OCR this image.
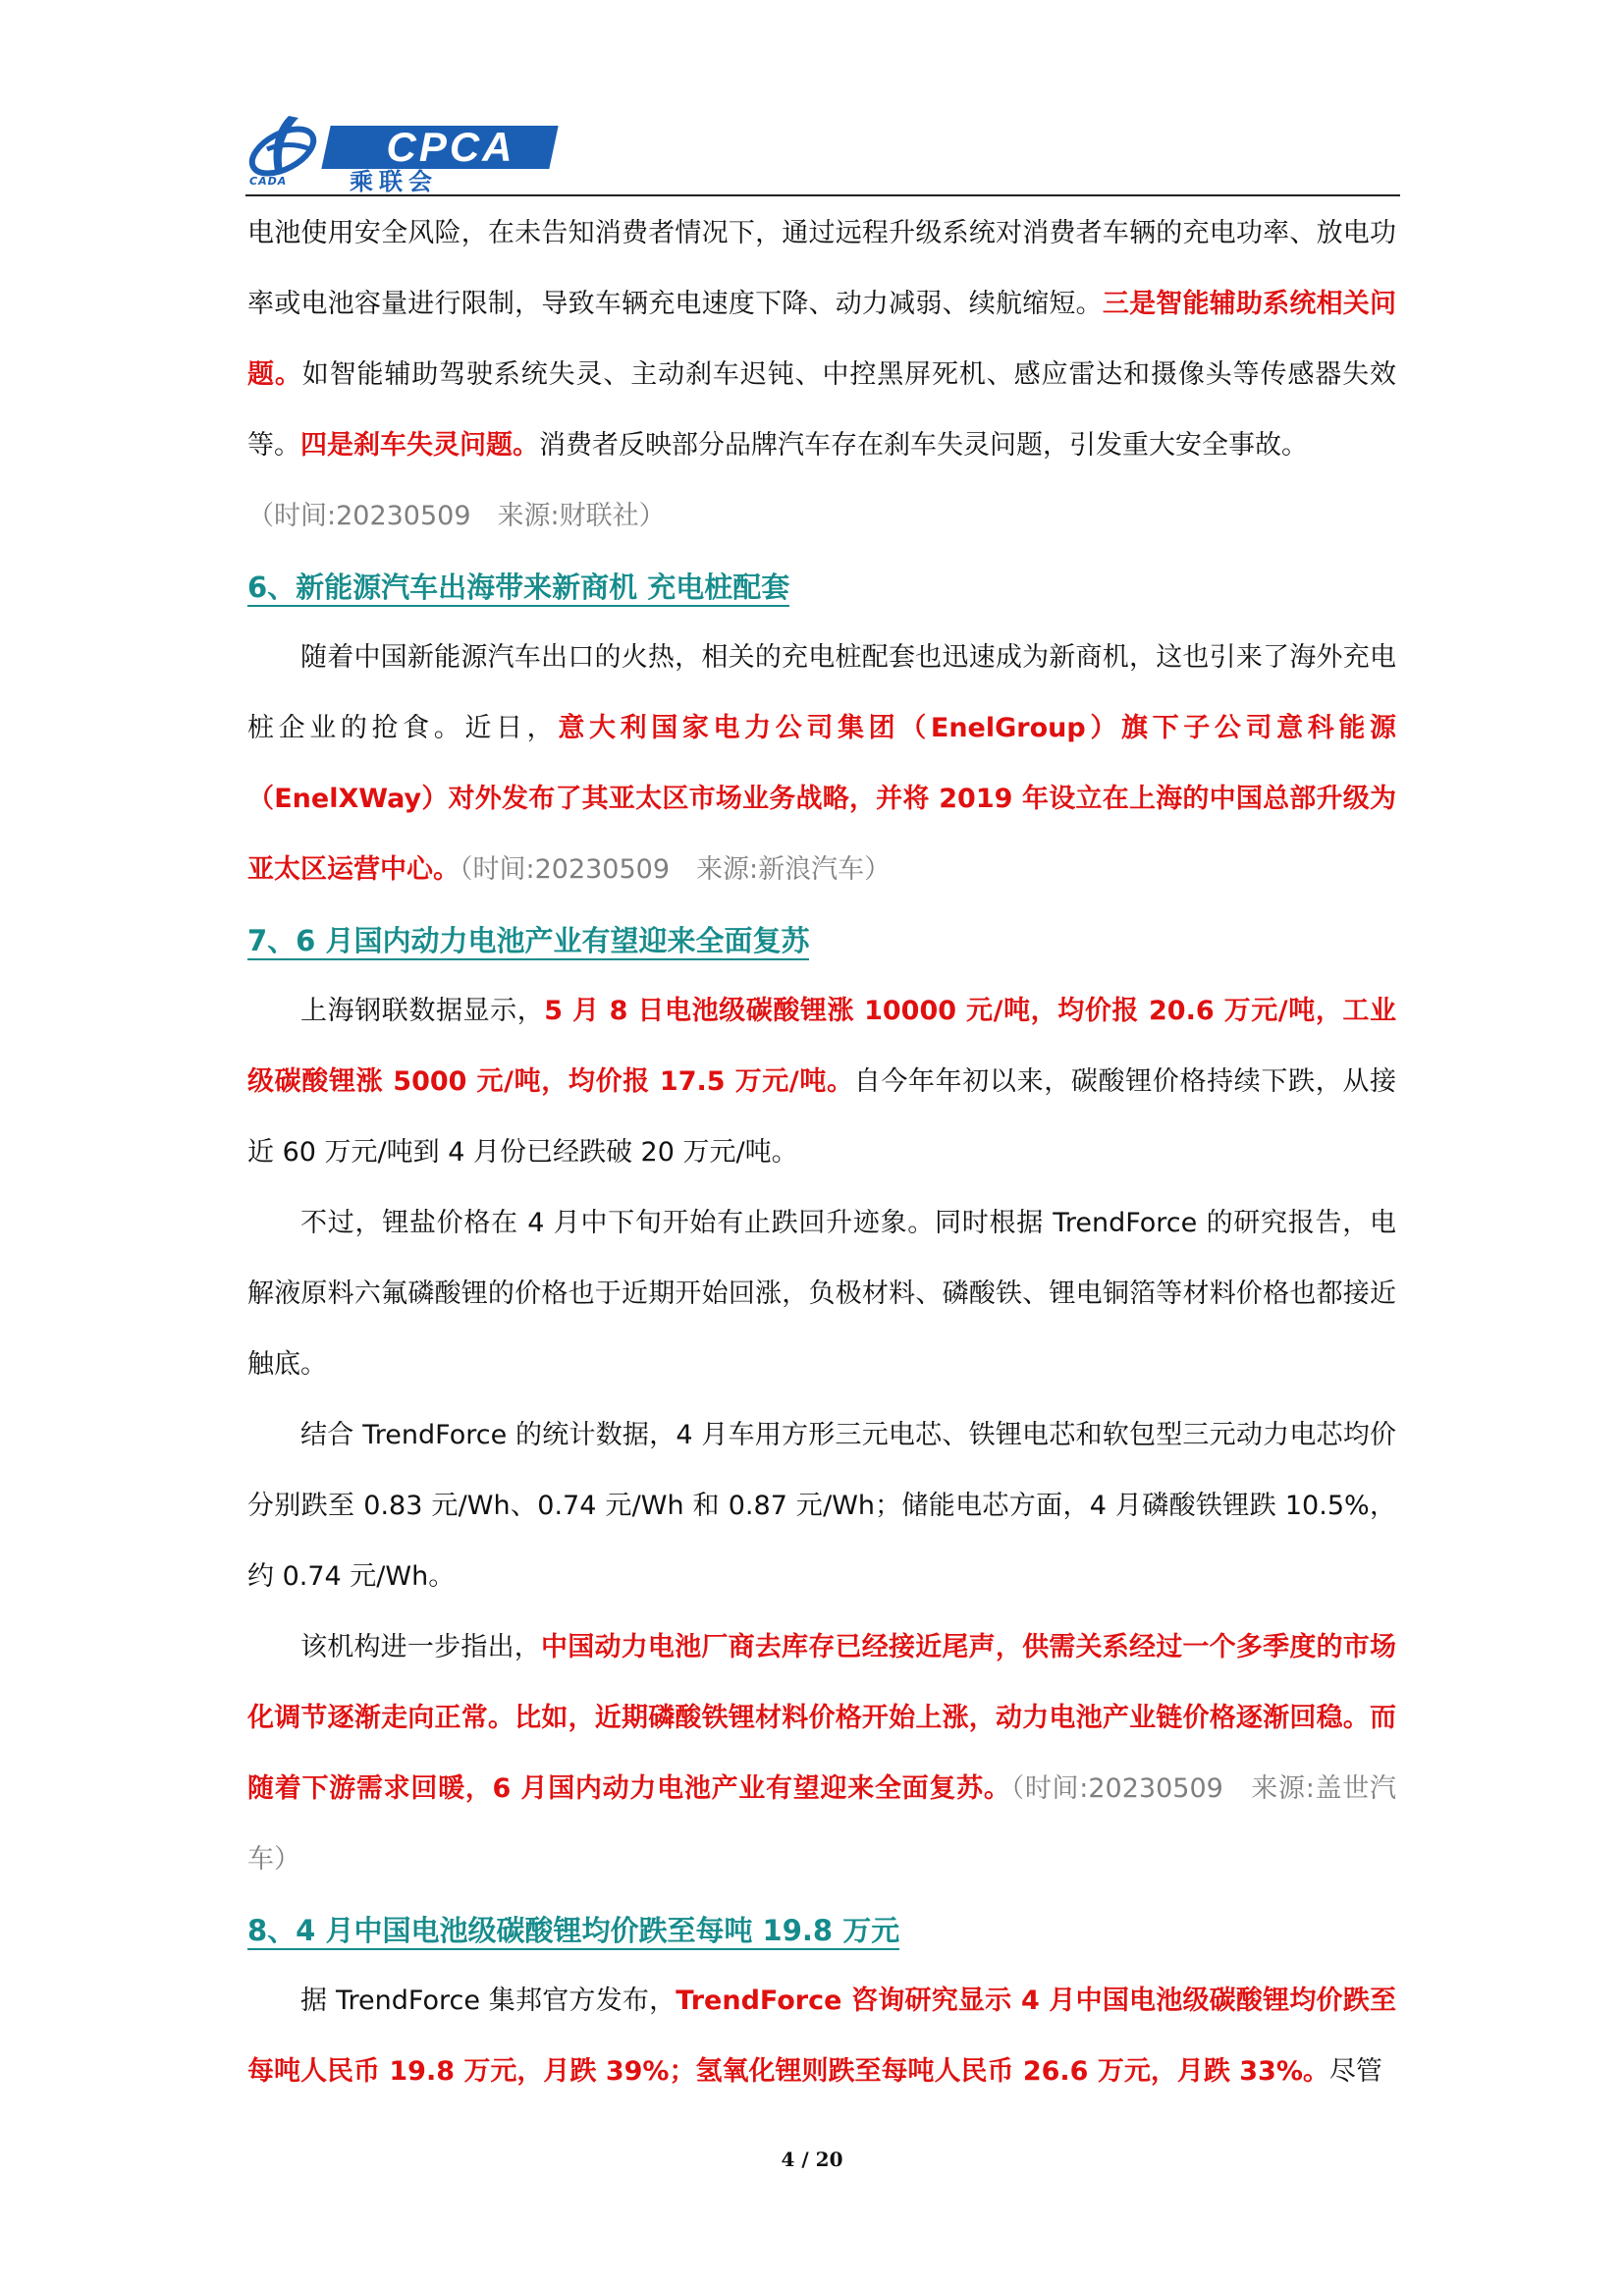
CPCA
乘联会
CADA

电池使用安全风险，在未告知消费者情况下，通过远程升级系统对消费者车辆的充电功率、放电功率或电池容量进行限制，导致车辆充电速度下降、动力减弱、续航缩短。三是智能辅助系统相关问题。如智能辅助驾驶系统失灵、主动刹车迟钝、中控黑屏死机、感应雷达和摄像头等传感器失效等。四是刹车失灵问题。消费者反映部分品牌汽车存在刹车失灵问题，引发重大安全事故。

（时间:20230509　来源:财联社）

6、新能源汽车出海带来新商机 充电桩配套

随着中国新能源汽车出口的火热，相关的充电桩配套也迅速成为新商机，这也引来了海外充电桩企业的抢食。近日，意大利国家电力公司集团（EnelGroup）旗下子公司意科能源（EnelXWay）对外发布了其亚太区市场业务战略，并将 2019 年设立在上海的中国总部升级为亚太区运营中心。（时间:20230509　来源:新浪汽车）

7、6 月国内动力电池产业有望迎来全面复苏

上海钢联数据显示，5 月 8 日电池级碳酸锂涨 10000 元/吨，均价报 20.6 万元/吨，工业级碳酸锂涨 5000 元/吨，均价报 17.5 万元/吨。自今年年初以来，碳酸锂价格持续下跌，从接近 60 万元/吨到 4 月份已经跌破 20 万元/吨。

不过，锂盐价格在 4 月中下旬开始有止跌回升迹象。同时根据 TrendForce 的研究报告，电解液原料六氟磷酸锂的价格也于近期开始回涨，负极材料、磷酸铁、锂电铜箔等材料价格也都接近触底。

结合 TrendForce 的统计数据，4 月车用方形三元电芯、铁锂电芯和软包型三元动力电芯均价分别跌至 0.83 元/Wh、0.74 元/Wh 和 0.87 元/Wh；储能电芯方面，4 月磷酸铁锂跌 10.5%，约 0.74 元/Wh。

该机构进一步指出，中国动力电池厂商去库存已经接近尾声，供需关系经过一个多季度的市场化调节逐渐走向正常。比如，近期磷酸铁锂材料价格开始上涨，动力电池产业链价格逐渐回稳。而随着下游需求回暖，6 月国内动力电池产业有望迎来全面复苏。（时间:20230509　来源:盖世汽车）

8、4 月中国电池级碳酸锂均价跌至每吨 19.8 万元

据 TrendForce 集邦官方发布，TrendForce 咨询研究显示 4 月中国电池级碳酸锂均价跌至每吨人民币 19.8 万元，月跌 39%；氢氧化锂则跌至每吨人民币 26.6 万元，月跌 33%。尽管

4 / 20
